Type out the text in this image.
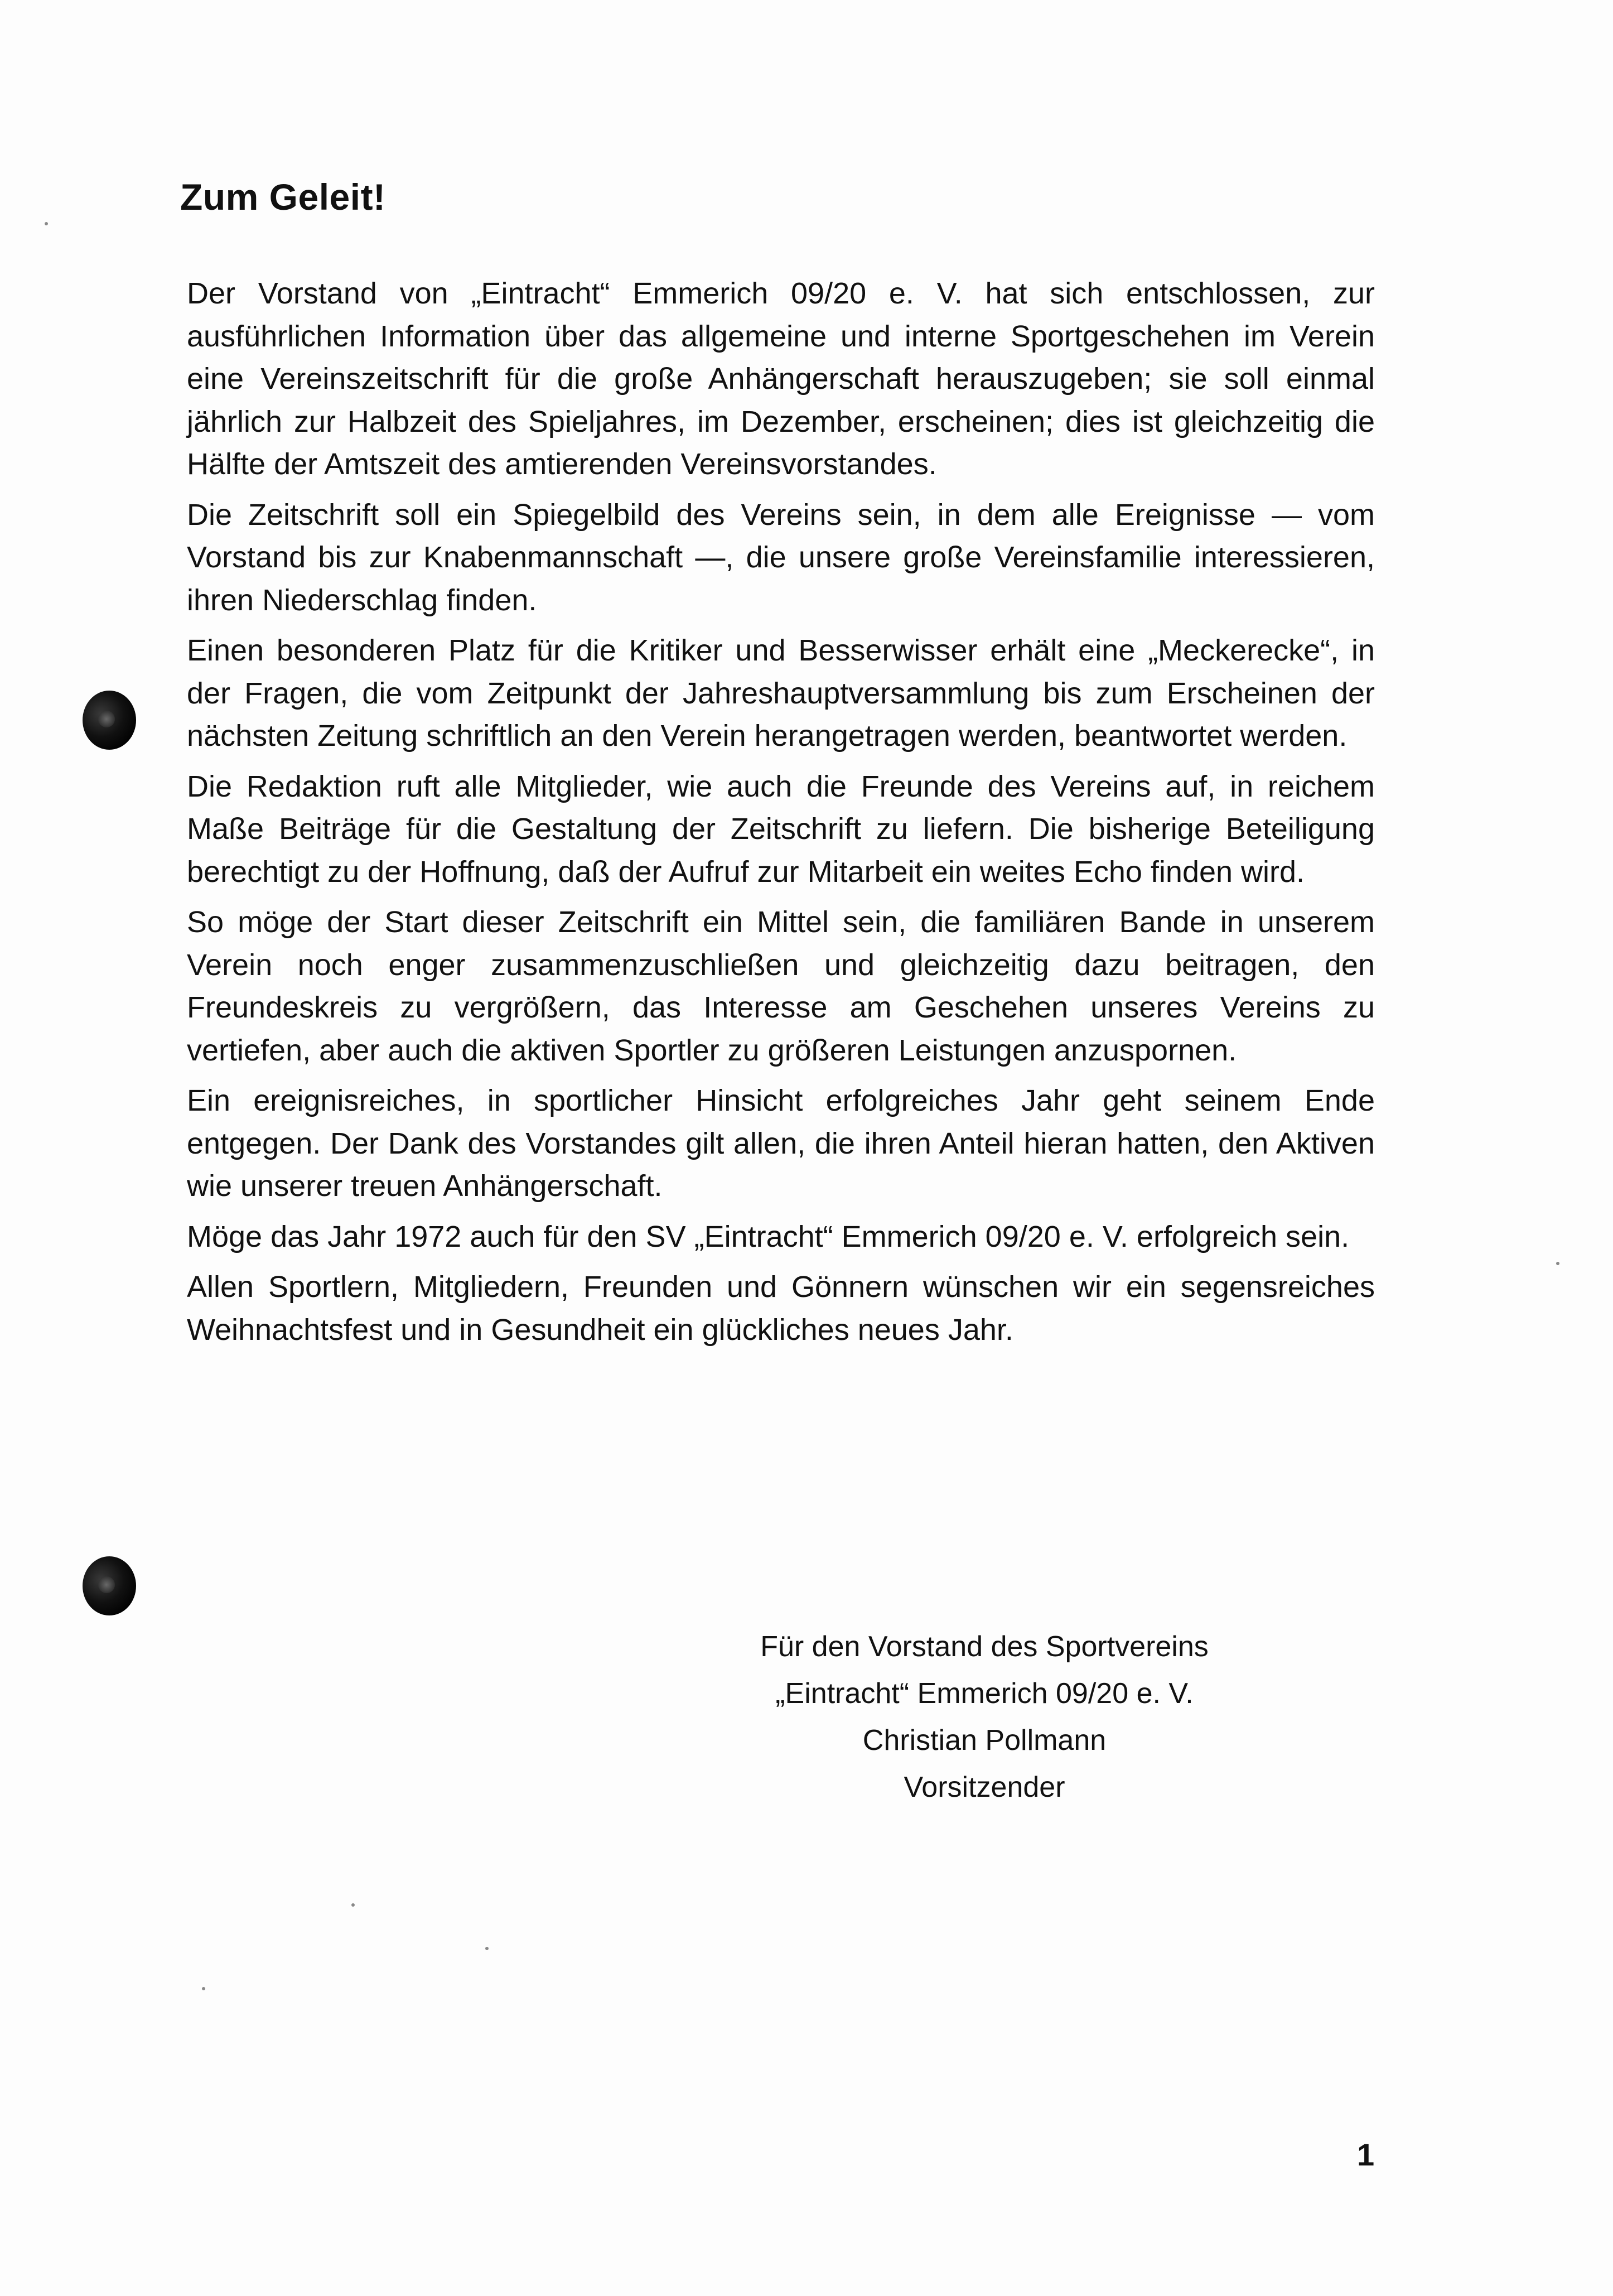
Zum Geleit!

Der Vorstand von „Eintracht“ Emmerich 09/20 e. V. hat sich entschlossen, zur ausführlichen Information über das allgemeine und interne Sportgeschehen im Verein eine Vereinszeitschrift für die große Anhängerschaft herauszugeben; sie soll einmal jährlich zur Halbzeit des Spieljahres, im Dezember, erscheinen; dies ist gleichzeitig die Hälfte der Amtszeit des amtierenden Vereinsvorstandes.

Die Zeitschrift soll ein Spiegelbild des Vereins sein, in dem alle Ereignisse — vom Vorstand bis zur Knabenmannschaft —, die unsere große Vereinsfamilie interessieren, ihren Niederschlag finden.

Einen besonderen Platz für die Kritiker und Besserwisser erhält eine „Meckerecke“, in der Fragen, die vom Zeitpunkt der Jahreshauptversammlung bis zum Erscheinen der nächsten Zeitung schriftlich an den Verein herangetragen werden, beantwortet werden.

Die Redaktion ruft alle Mitglieder, wie auch die Freunde des Vereins auf, in reichem Maße Beiträge für die Gestaltung der Zeitschrift zu liefern. Die bisherige Beteiligung berechtigt zu der Hoffnung, daß der Aufruf zur Mitarbeit ein weites Echo finden wird.

So möge der Start dieser Zeitschrift ein Mittel sein, die familiären Bande in unserem Verein noch enger zusammenzuschließen und gleichzeitig dazu beitragen, den Freundeskreis zu vergrößern, das Interesse am Geschehen unseres Vereins zu vertiefen, aber auch die aktiven Sportler zu größeren Leistungen anzuspornen.

Ein ereignisreiches, in sportlicher Hinsicht erfolgreiches Jahr geht seinem Ende entgegen. Der Dank des Vorstandes gilt allen, die ihren Anteil hieran hatten, den Aktiven wie unserer treuen Anhängerschaft.

Möge das Jahr 1972 auch für den SV „Eintracht“ Emmerich 09/20 e. V. erfolgreich sein.

Allen Sportlern, Mitgliedern, Freunden und Gönnern wünschen wir ein segensreiches Weihnachtsfest und in Gesundheit ein glückliches neues Jahr.

Für den Vorstand des Sportvereins
„Eintracht“ Emmerich 09/20 e. V.
Christian Pollmann
Vorsitzender
1
